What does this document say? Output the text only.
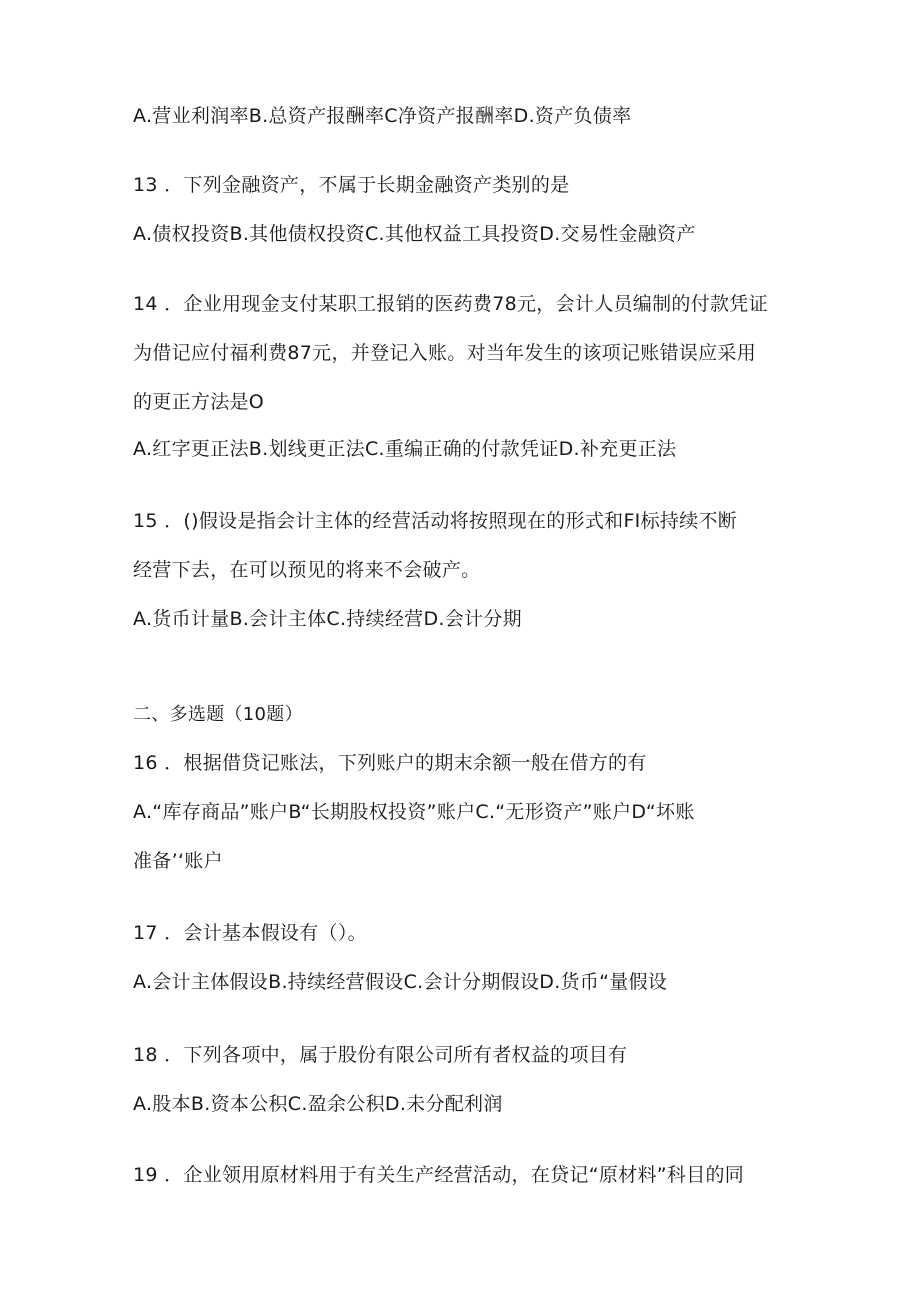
A.营业利润率B.总资产报酬率C净资产报酬率D.资产负债率
13 ．下列金融资产，不属于长期金融资产类别的是
A.债权投资B.其他债权投资C.其他权益工具投资D.交易性金融资产
14 ．企业用现金支付某职工报销的医药费78元，会计人员编制的付款凭证
为借记应付福利费87元，并登记入账。对当年发生的该项记账错误应采用
的更正方法是O
A.红字更正法B.划线更正法C.重编正确的付款凭证D.补充更正法
15 ．()假设是指会计主体的经营活动将按照现在的形式和FI标持续不断
经营下去，在可以预见的将来不会破产。
A.货币计量B.会计主体C.持续经营D.会计分期
二、多选题（10题）
16 ．根据借贷记账法，下列账户的期末余额一般在借方的有
A.“库存商品”账户B“长期股权投资”账户C.“无形资产”账户D“坏账
准备’‘账户
17 ．会计基本假设有（）。
A.会计主体假设B.持续经营假设C.会计分期假设D.货币“量假设
18 ．下列各项中，属于股份有限公司所有者权益的项目有
A.股本B.资本公积C.盈余公积D.未分配利润
19 ．企业领用原材料用于有关生产经营活动，在贷记“原材料”科目的同
